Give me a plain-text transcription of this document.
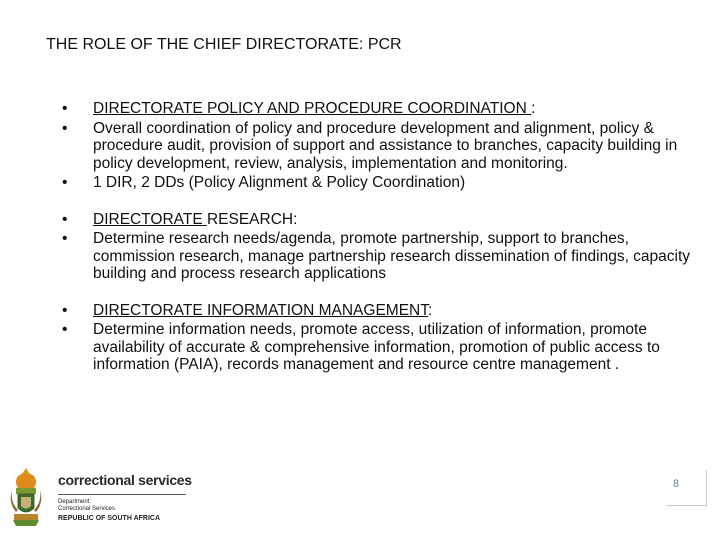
THE ROLE OF THE CHIEF DIRECTORATE: PCR
• DIRECTORATE POLICY AND PROCEDURE COORDINATION :
• Overall coordination of policy and procedure development and alignment, policy & procedure audit, provision of support and assistance to branches, capacity building in policy development, review, analysis, implementation and monitoring.
• 1 DIR, 2 DDs (Policy Alignment & Policy Coordination)
• DIRECTORATE RESEARCH:
• Determine research needs/agenda, promote partnership, support to branches, commission research, manage partnership research dissemination of findings, capacity building and process research applications
• DIRECTORATE INFORMATION MANAGEMENT:
• Determine information needs, promote access, utilization of information, promote availability of accurate & comprehensive information, promotion of public access to information (PAIA), records management and resource centre management .
correctional services
Department:
Correctional Services
REPUBLIC OF SOUTH AFRICA
8
